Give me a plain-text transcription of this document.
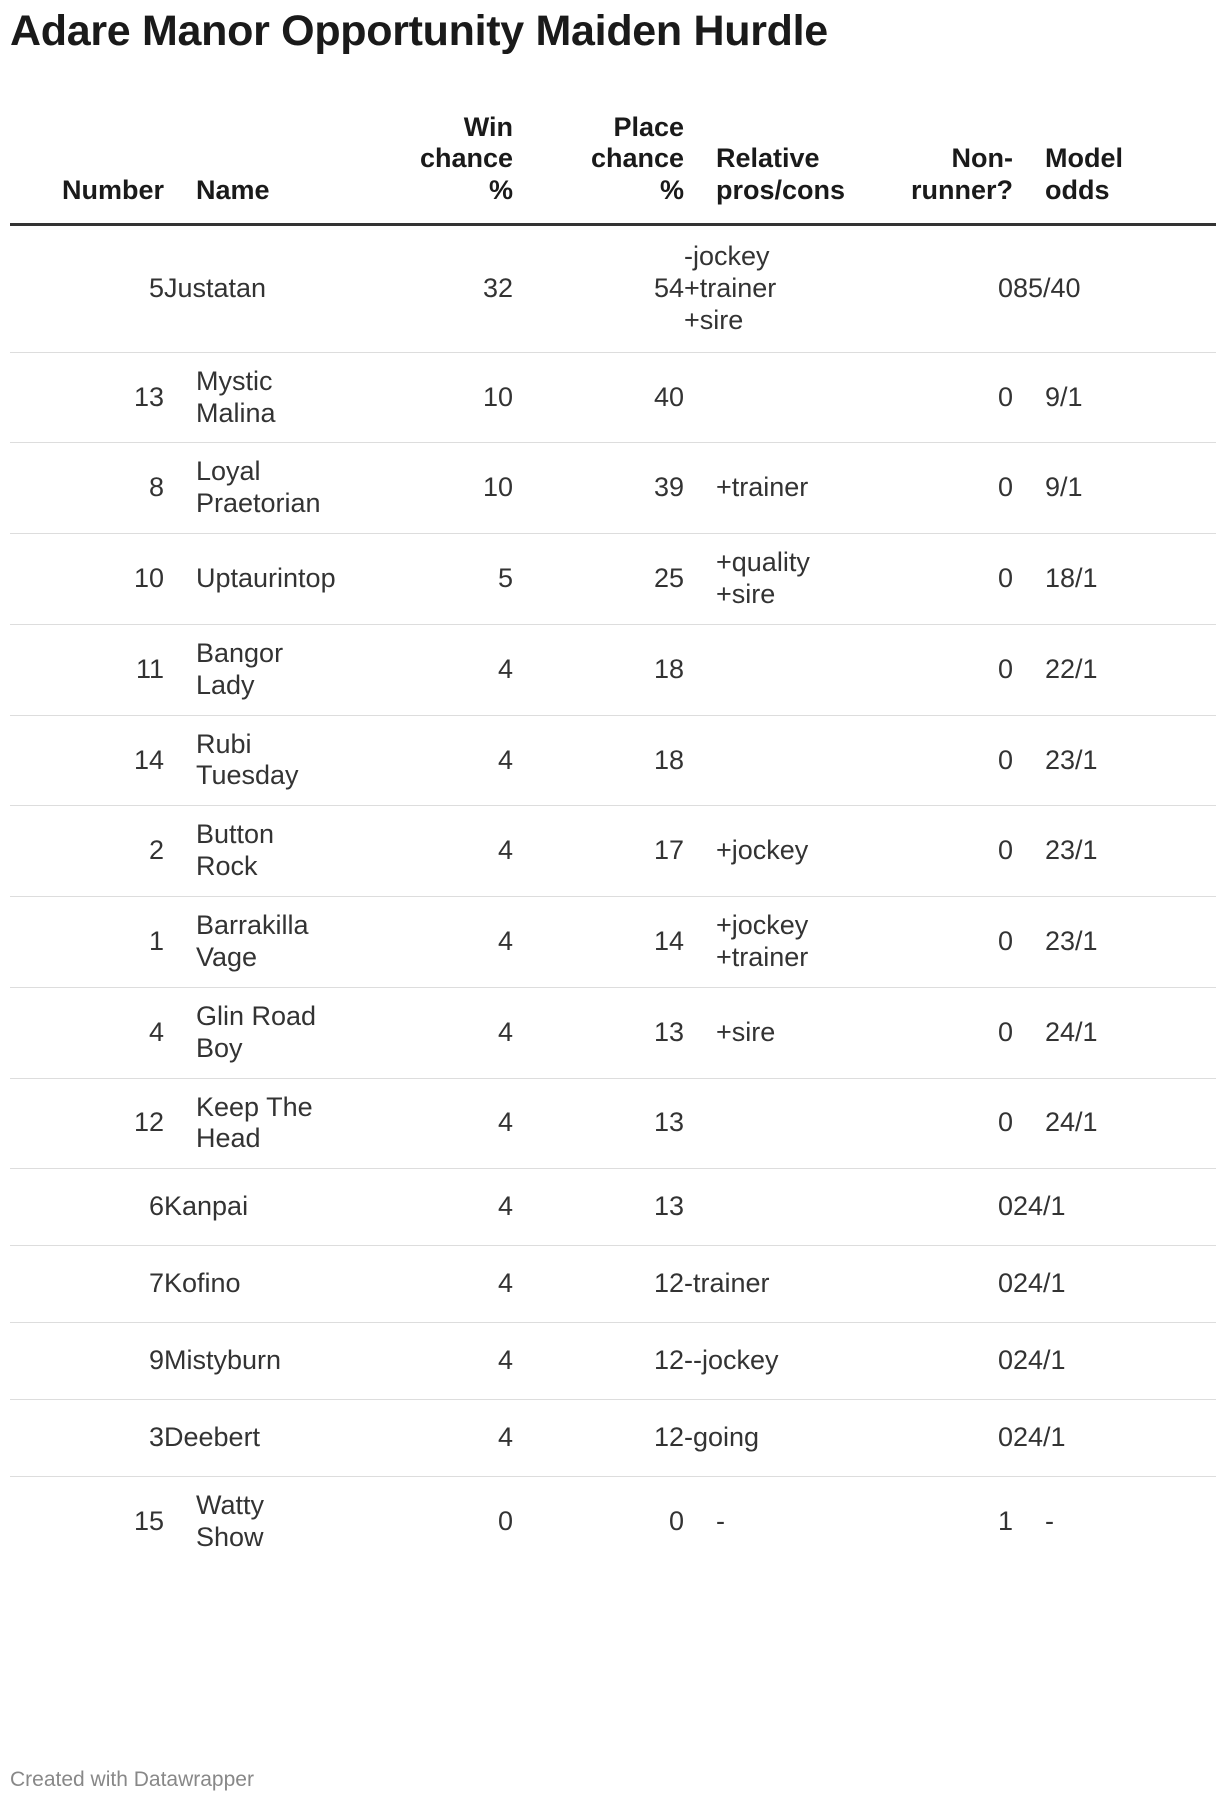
Adare Manor Opportunity Maiden Hurdle
Number	Name	Win
chance
%	Place
chance
%	Relative
pros/cons	Non-
runner?	Model
odds

5	Justatan	32	54	-jockey
+trainer
+sire	0	85/40

13	Mystic
Malina	10	40		0	9/1

8	Loyal
Praetorian	10	39	+trainer	0	9/1

10	Uptaurintop	5	25	+quality
+sire	0	18/1

11	Bangor
Lady	4	18		0	22/1

14	Rubi
Tuesday	4	18		0	23/1

2	Button
Rock	4	17	+jockey	0	23/1

1	Barrakilla
Vage	4	14	+jockey
+trainer	0	23/1

4	Glin Road
Boy	4	13	+sire	0	24/1

12	Keep The
Head	4	13		0	24/1

6	Kanpai	4	13		0	24/1

7	Kofino	4	12	-trainer	0	24/1

9	Mistyburn	4	12	--jockey	0	24/1

3	Deebert	4	12	-going	0	24/1

15	Watty
Show	0	0	-	1	-
Created with Datawrapper
